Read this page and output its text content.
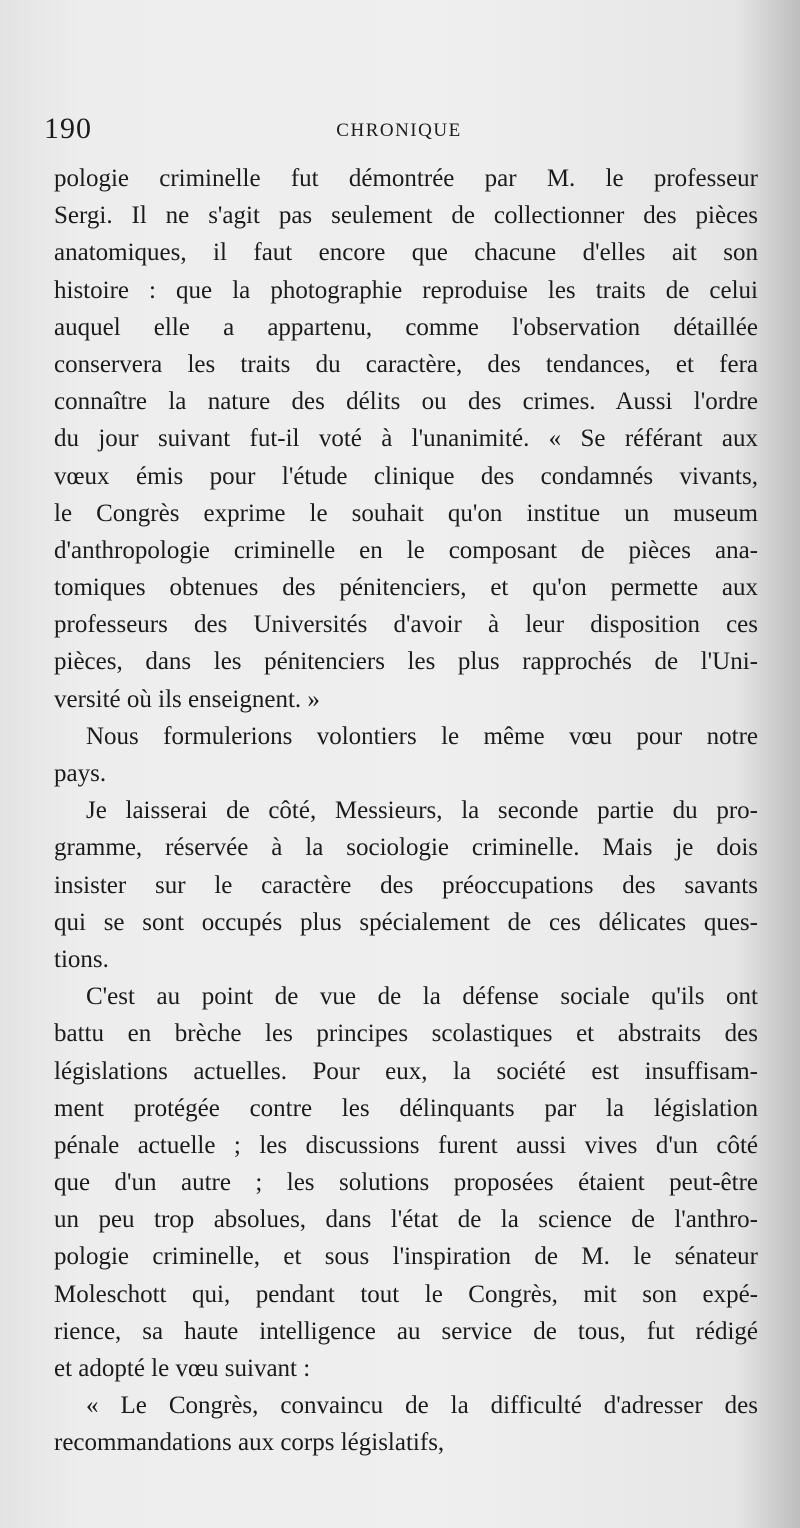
190	CHRONIQUE
pologie criminelle fut démontrée par M. le professeur
Sergi. Il ne s'agit pas seulement de collectionner des pièces
anatomiques, il faut encore que chacune d'elles ait son
histoire : que la photographie reproduise les traits de celui
auquel elle a appartenu, comme l'observation détaillée
conservera les traits du caractère, des tendances, et fera
connaître la nature des délits ou des crimes. Aussi l'ordre
du jour suivant fut-il voté à l'unanimité. « Se référant aux
vœux émis pour l'étude clinique des condamnés vivants,
le Congrès exprime le souhait qu'on institue un museum
d'anthropologie criminelle en le composant de pièces ana-
tomiques obtenues des pénitenciers, et qu'on permette aux
professeurs des Universités d'avoir à leur disposition ces
pièces, dans les pénitenciers les plus rapprochés de l'Uni-
versité où ils enseignent. »
Nous formulerions volontiers le même vœu pour notre
pays.
Je laisserai de côté, Messieurs, la seconde partie du pro-
gramme, réservée à la sociologie criminelle. Mais je dois
insister sur le caractère des préoccupations des savants
qui se sont occupés plus spécialement de ces délicates ques-
tions.
C'est au point de vue de la défense sociale qu'ils ont
battu en brèche les principes scolastiques et abstraits des
législations actuelles. Pour eux, la société est insuffisam-
ment protégée contre les délinquants par la législation
pénale actuelle ; les discussions furent aussi vives d'un côté
que d'un autre ; les solutions proposées étaient peut-être
un peu trop absolues, dans l'état de la science de l'anthro-
pologie criminelle, et sous l'inspiration de M. le sénateur
Moleschott qui, pendant tout le Congrès, mit son expé-
rience, sa haute intelligence au service de tous, fut rédigé
et adopté le vœu suivant :
« Le Congrès, convaincu de la difficulté d'adresser des
recommandations aux corps législatifs,
